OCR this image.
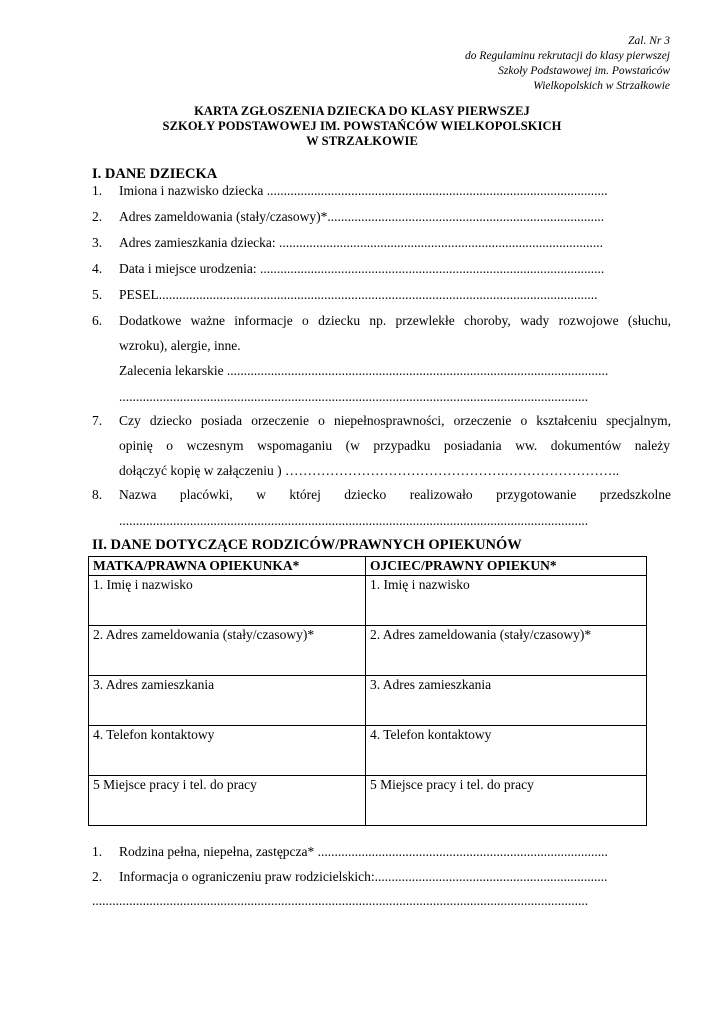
Zal. Nr 3
do Regulaminu rekrutacji do klasy pierwszej
Szkoły Podstawowej im. Powstańców
Wielkopolskich w Strzałkowie
KARTA ZGŁOSZENIA DZIECKA DO KLASY PIERWSZEJ
SZKOŁY PODSTAWOWEJ IM. POWSTAŃCÓW WIELKOPOLSKICH
W STRZAŁKOWIE
I. DANE DZIECKA
1. Imiona i nazwisko dziecka .....................................................................................................
2. Adres zameldowania (stały/czasowy)*..................................................................................
3. Adres zamieszkania dziecka: ................................................................................................
4. Data i miejsce urodzenia: ......................................................................................................
5. PESEL..................................................................................................................................
6.	Dodatkowe ważne informacje o dziecku np. przewlekłe choroby, wady rozwojowe (słuchu,
wzroku), alergie, inne.
Zalecenia lekarskie .................................................................................................................
...........................................................................................................................................
7.	Czy dziecko posiada orzeczenie o niepełnosprawności, orzeczenie o kształceniu specjalnym,
opinię o wczesnym wspomaganiu (w przypadku posiadania ww. dokumentów należy
dołączyć kopię w załączeniu ) ………………………………………….……………………..
8.	Nazwa placówki, w której dziecko realizowało przygotowanie przedszkolne
...........................................................................................................................................
II. DANE DOTYCZĄCE RODZICÓW/PRAWNYCH OPIEKUNÓW
MATKA/PRAWNA OPIEKUNKA*	OJCIEC/PRAWNY OPIEKUN*
1. Imię i nazwisko	1. Imię i nazwisko
2. Adres zameldowania (stały/czasowy)*	2. Adres zameldowania (stały/czasowy)*
3. Adres zamieszkania	3. Adres zamieszkania
4. Telefon kontaktowy	4. Telefon kontaktowy
5 Miejsce pracy i tel. do pracy	5 Miejsce pracy i tel. do pracy
1. Rodzina pełna, niepełna, zastępcza* ......................................................................................
2. Informacja o ograniczeniu praw rodzicielskich:.....................................................................
...................................................................................................................................................
